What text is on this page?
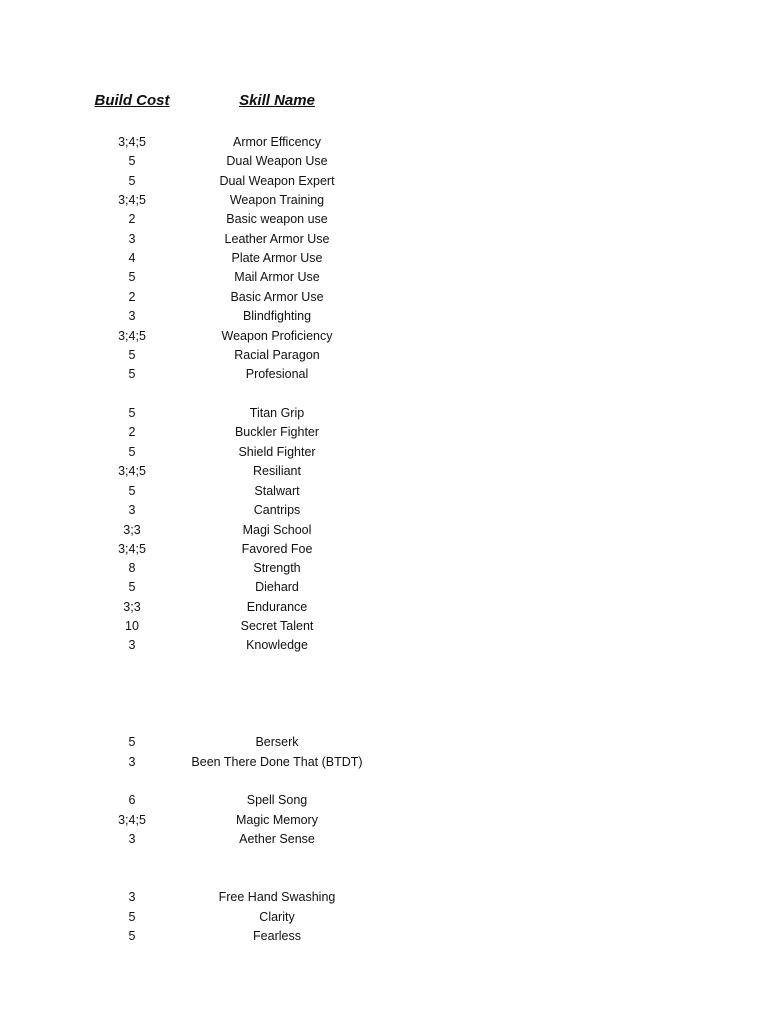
Build Cost	Skill Name
3;4;5	Armor Efficency
5	Dual Weapon Use
5	Dual Weapon Expert
3;4;5	Weapon Training
2	Basic weapon use
3	Leather Armor Use
4	Plate Armor Use
5	Mail Armor Use
2	Basic Armor Use
3	Blindfighting
3;4;5	Weapon Proficiency
5	Racial Paragon
5	Profesional
5	Titan Grip
2	Buckler Fighter
5	Shield Fighter
3;4;5	Resiliant
5	Stalwart
3	Cantrips
3;3	Magi School
3;4;5	Favored Foe
8	Strength
5	Diehard
3;3	Endurance
10	Secret Talent
3	Knowledge
5	Berserk
3	Been There Done That (BTDT)
6	Spell Song
3;4;5	Magic Memory
3	Aether Sense
3	Free Hand Swashing
5	Clarity
5	Fearless
